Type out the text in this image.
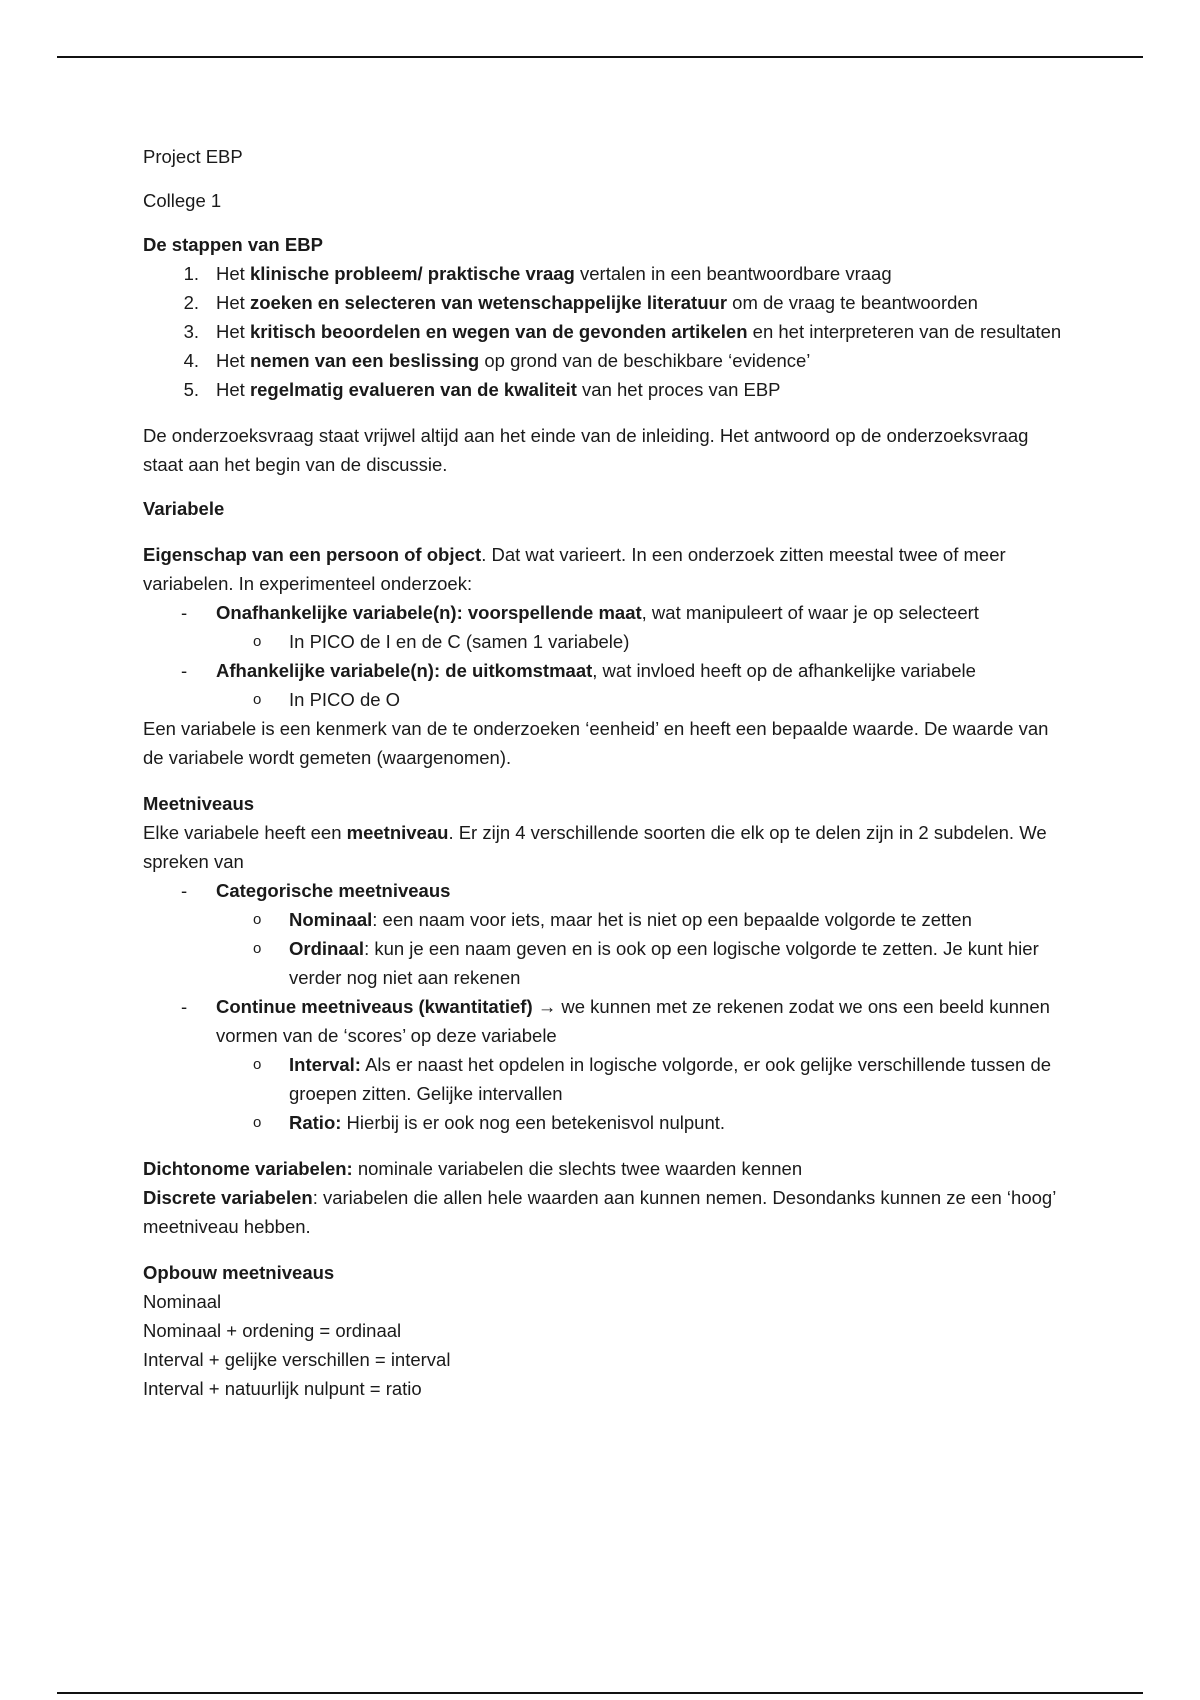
Project EBP

College 1

De stappen van EBP

1. Het klinische probleem/ praktische vraag vertalen in een beantwoordbare vraag
2. Het zoeken en selecteren van wetenschappelijke literatuur om de vraag te beantwoorden
3. Het kritisch beoordelen en wegen van de gevonden artikelen en het interpreteren van de resultaten
4. Het nemen van een beslissing op grond van de beschikbare ‘evidence’
5. Het regelmatig evalueren van de kwaliteit van het proces van EBP

De onderzoeksvraag staat vrijwel altijd aan het einde van de inleiding. Het antwoord op de onderzoeksvraag staat aan het begin van de discussie.

Variabele

Eigenschap van een persoon of object. Dat wat varieert. In een onderzoek zitten meestal twee of meer variabelen. In experimenteel onderzoek:

- Onafhankelijke variabele(n): voorspellende maat, wat manipuleert of waar je op selecteert
o In PICO de I en de C (samen 1 variabele)
- Afhankelijke variabele(n): de uitkomstmaat, wat invloed heeft op de afhankelijke variabele
o In PICO de O

Een variabele is een kenmerk van de te onderzoeken ‘eenheid’ en heeft een bepaalde waarde. De waarde van de variabele wordt gemeten (waargenomen).

Meetniveaus

Elke variabele heeft een meetniveau. Er zijn 4 verschillende soorten die elk op te delen zijn in 2 subdelen. We spreken van

- Categorische meetniveaus
o Nominaal: een naam voor iets, maar het is niet op een bepaalde volgorde te zetten
o Ordinaal: kun je een naam geven en is ook op een logische volgorde te zetten. Je kunt hier verder nog niet aan rekenen
- Continue meetniveaus (kwantitatief) → we kunnen met ze rekenen zodat we ons een beeld kunnen vormen van de ‘scores’ op deze variabele
o Interval: Als er naast het opdelen in logische volgorde, er ook gelijke verschillende tussen de groepen zitten. Gelijke intervallen
o Ratio: Hierbij is er ook nog een betekenisvol nulpunt.

Dichtonome variabelen: nominale variabelen die slechts twee waarden kennen

Discrete variabelen: variabelen die allen hele waarden aan kunnen nemen. Desondanks kunnen ze een ‘hoog’ meetniveau hebben.

Opbouw meetniveaus

Nominaal

Nominaal + ordening = ordinaal

Interval + gelijke verschillen = interval

Interval + natuurlijk nulpunt = ratio
